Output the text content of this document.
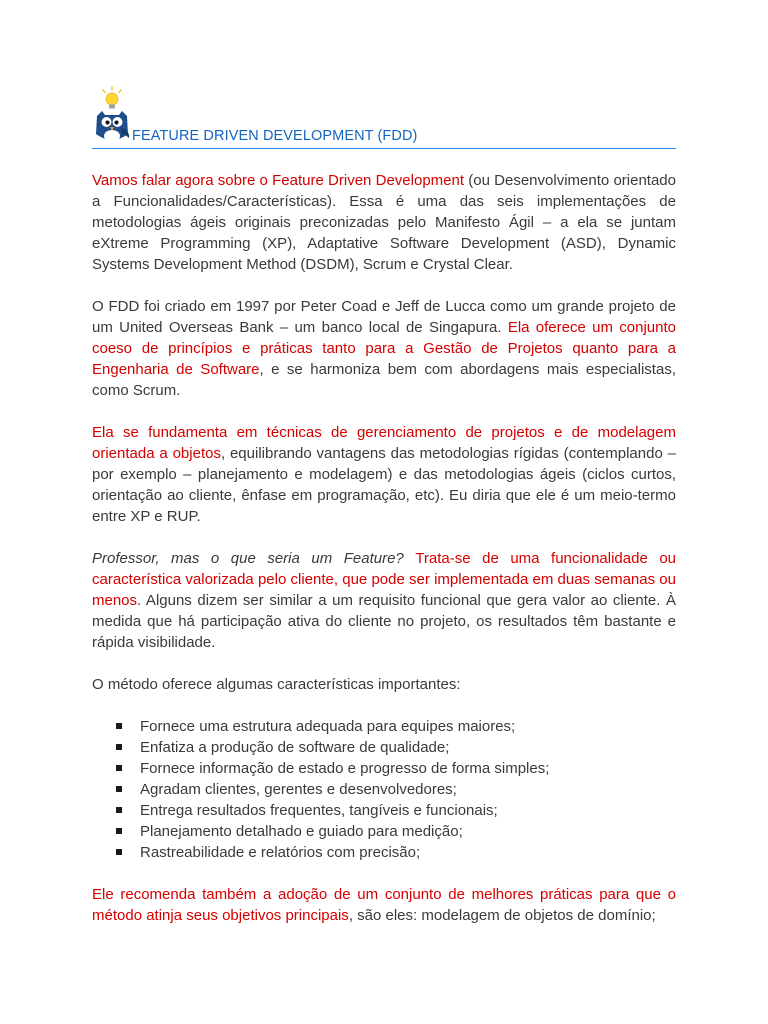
FEATURE DRIVEN DEVELOPMENT (FDD)

Vamos falar agora sobre o Feature Driven Development (ou Desenvolvimento orientado a Funcionalidades/Características). Essa é uma das seis implementações de metodologias ágeis originais preconizadas pelo Manifesto Ágil – a ela se juntam eXtreme Programming (XP), Adaptative Software Development (ASD), Dynamic Systems Development Method (DSDM), Scrum e Crystal Clear.

O FDD foi criado em 1997 por Peter Coad e Jeff de Lucca como um grande projeto de um United Overseas Bank – um banco local de Singapura. Ela oferece um conjunto coeso de princípios e práticas tanto para a Gestão de Projetos quanto para a Engenharia de Software, e se harmoniza bem com abordagens mais especialistas, como Scrum.

Ela se fundamenta em técnicas de gerenciamento de projetos e de modelagem orientada a objetos, equilibrando vantagens das metodologias rígidas (contemplando – por exemplo – planejamento e modelagem) e das metodologias ágeis (ciclos curtos, orientação ao cliente, ênfase em programação, etc). Eu diria que ele é um meio-termo entre XP e RUP.

Professor, mas o que seria um Feature? Trata-se de uma funcionalidade ou característica valorizada pelo cliente, que pode ser implementada em duas semanas ou menos. Alguns dizem ser similar a um requisito funcional que gera valor ao cliente. À medida que há participação ativa do cliente no projeto, os resultados têm bastante e rápida visibilidade.

O método oferece algumas características importantes:

Fornece uma estrutura adequada para equipes maiores;
Enfatiza a produção de software de qualidade;
Fornece informação de estado e progresso de forma simples;
Agradam clientes, gerentes e desenvolvedores;
Entrega resultados frequentes, tangíveis e funcionais;
Planejamento detalhado e guiado para medição;
Rastreabilidade e relatórios com precisão;

Ele recomenda também a adoção de um conjunto de melhores práticas para que o método atinja seus objetivos principais, são eles: modelagem de objetos de domínio;
